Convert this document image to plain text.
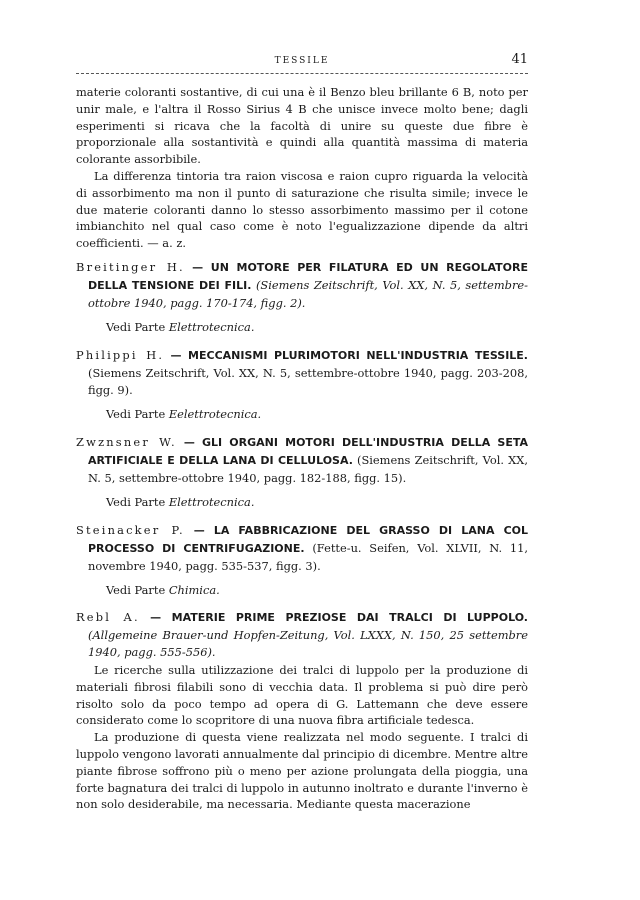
TESSILE	41

materie coloranti sostantive, di cui una è il Benzo bleu brillante 6 B, noto per unir male, e l'altra il Rosso Sirius 4 B che unisce invece molto bene; dagli esperimenti si ricava che la facoltà di unire su queste due fibre è proporzionale alla sostantività e quindi alla quantità massima di materia colorante assorbibile.

La differenza tintoria tra raion viscosa e raion cupro riguarda la velocità di assorbimento ma non il punto di saturazione che risulta simile; invece le due materie coloranti danno lo stesso assorbimento massimo per il cotone imbianchito nel qual caso come è noto l'egualizzazione dipende da altri coefficienti. — a. z.

Breitinger H. — UN MOTORE PER FILATURA ED UN REGOLATORE DELLA TENSIONE DEI FILI. (Siemens Zeitschrift, Vol. XX, N. 5, settembre-ottobre 1940, pagg. 170-174, figg. 2).
Vedi Parte Elettrotecnica.
Philippi H. — MECCANISMI PLURIMOTORI NELL'INDUSTRIA TESSILE. (Siemens Zeitschrift, Vol. XX, N. 5, settembre-ottobre 1940, pagg. 203-208, figg. 9).
Vedi Parte Eelettrotecnica.
Zwznsner W. — GLI ORGANI MOTORI DELL'INDUSTRIA DELLA SETA ARTIFICIALE E DELLA LANA DI CELLULOSA. (Siemens Zeitschrift, Vol. XX, N. 5, settembre-ottobre 1940, pagg. 182-188, figg. 15).
Vedi Parte Elettrotecnica.
Steinacker P. — LA FABBRICAZIONE DEL GRASSO DI LANA COL PROCESSO DI CENTRIFUGAZIONE. (Fette-u. Seifen, Vol. XLVII, N. 11, novembre 1940, pagg. 535-537, figg. 3).
Vedi Parte Chimica.
Rebl A. — MATERIE PRIME PREZIOSE DAI TRALCI DI LUPPOLO. (Allgemeine Brauer-und Hopfen-Zeitung, Vol. LXXX, N. 150, 25 settembre 1940, pagg. 555-556).

Le ricerche sulla utilizzazione dei tralci di luppolo per la produzione di materiali fibrosi filabili sono di vecchia data. Il problema si può dire però risolto solo da poco tempo ad opera di G. Lattemann che deve essere considerato come lo scopritore di una nuova fibra artificiale tedesca.

La produzione di questa viene realizzata nel modo seguente. I tralci di luppolo vengono lavorati annualmente dal principio di dicembre. Mentre altre piante fibrose soffrono più o meno per azione prolungata della pioggia, una forte bagnatura dei tralci di luppolo in autunno inoltrato e durante l'inverno è non solo desiderabile, ma necessaria. Mediante questa macerazione
